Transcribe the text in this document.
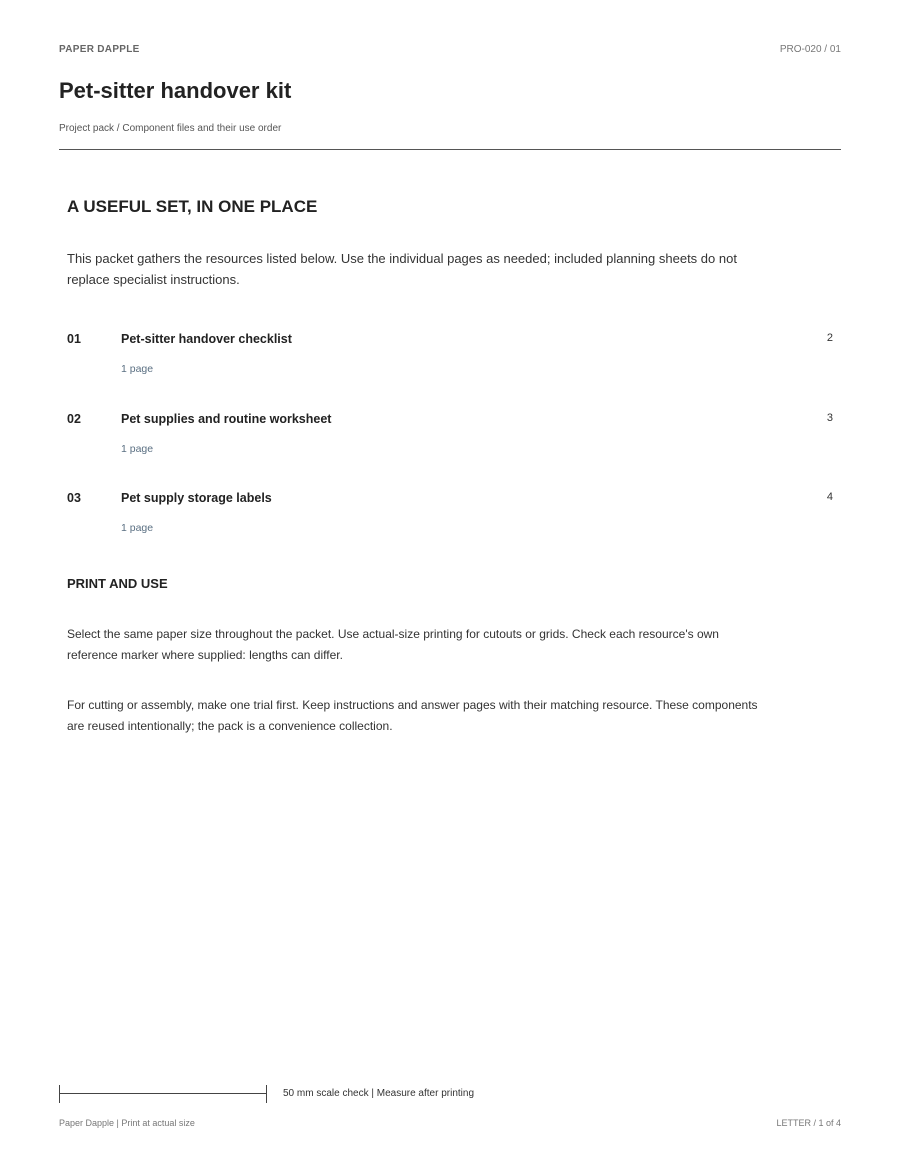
PAPER DAPPLE	PRO-020 / 01
Pet-sitter handover kit
Project pack / Component files and their use order
A USEFUL SET, IN ONE PLACE

This packet gathers the resources listed below. Use the individual pages as needed; included planning sheets do not replace specialist instructions.

01	Pet-sitter handover checklist	2
1 page
02	Pet supplies and routine worksheet	3
1 page
03	Pet supply storage labels	4
1 page
PRINT AND USE

Select the same paper size throughout the packet. Use actual-size printing for cutouts or grids. Check each resource's own reference marker where supplied: lengths can differ.

For cutting or assembly, make one trial first. Keep instructions and answer pages with their matching resource. These components are reused intentionally; the pack is a convenience collection.

50 mm scale check | Measure after printing
Paper Dapple | Print at actual size	LETTER / 1 of 4
